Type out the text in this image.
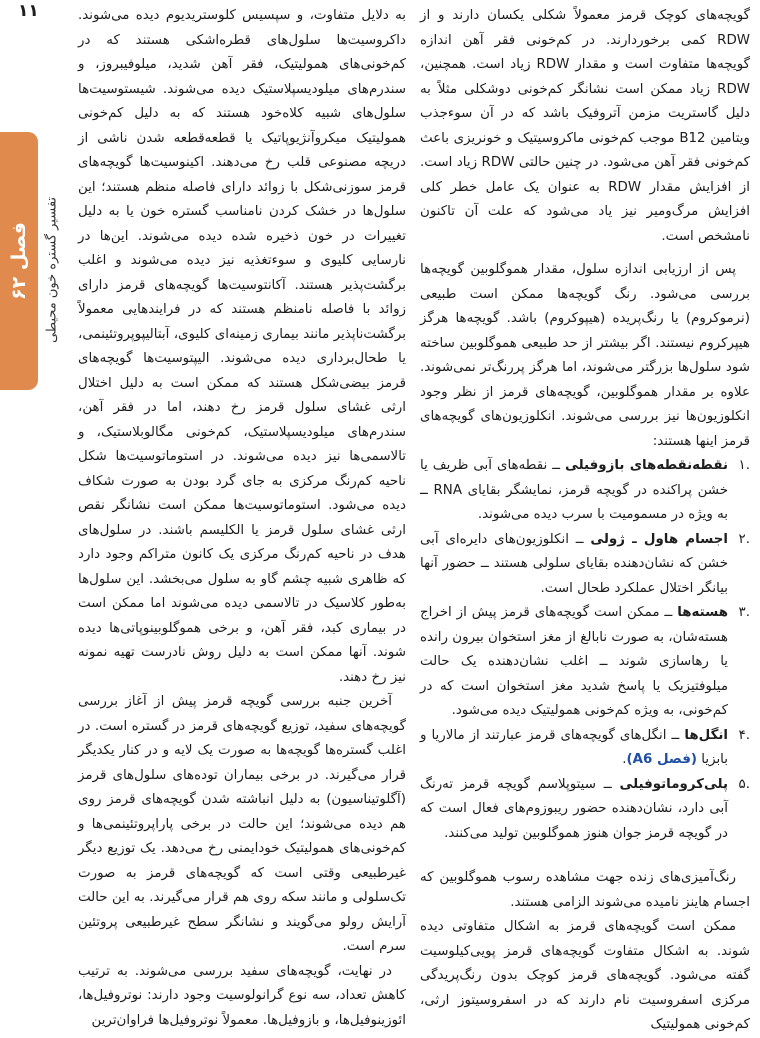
۱۱
فصل ۶۲ تفسیر گستره خون محیطی

گویچه‌های کوچک قرمز معمولاً شکلی یکسان دارند و از RDW کمی برخوردارند. در کم‌خونی فقر آهن اندازه گویچه‌ها متفاوت است و مقدار RDW زیاد است. همچنین، RDW زیاد ممکن است نشانگر کم‌خونی دوشکلی مثلاً به دلیل گاستریت مزمن آتروفیک باشد که در آن سوءجذب ویتامین B12 موجب کم‌خونی ماکروسیتیک و خونریزی باعث کم‌خونی فقر آهن می‌شود. در چنین حالتی RDW زیاد است. از افزایش مقدار RDW به عنوان یک عامل خطر کلی افزایش مرگ‌ومیر نیز یاد می‌شود که علت آن تاکنون نامشخص است.

پس از ارزیابی اندازه سلول، مقدار هموگلوبین گویچه‌ها بررسی می‌شود. رنگ گویچه‌ها ممکن است طبیعی (نرموکروم) یا رنگ‌پریده (هیپوکروم) باشد. گویچه‌ها هرگز هیپرکروم نیستند. اگر بیشتر از حد طبیعی هموگلوبین ساخته شود سلول‌ها بزرگتر می‌شوند، اما هرگز پررنگ‌تر نمی‌شوند. علاوه بر مقدار هموگلوبین، گویچه‌های قرمز از نظر وجود انکلوزیون‌ها نیز بررسی می‌شوند. انکلوزیون‌های گویچه‌های قرمز اینها هستند:

.۱
نقطه‌نقطه‌های بازوفیلی ــ نقطه‌های آبی ظریف یا خشن پراکنده در گویچه قرمز، نمایشگر بقایای RNA ــ به ویژه در مسمومیت با سرب دیده می‌شوند.
.۲
اجسام هاول ـ ژولی ــ انکلوزیون‌های دایره‌ای آبی خشن که نشان‌دهنده بقایای سلولی هستند ــ حضور آنها بیانگر اختلال عملکرد طحال است.
.۳
هسته‌ها ــ ممکن است گویچه‌های قرمز پیش از اخراج هسته‌شان، به صورت نابالغ از مغز استخوان بیرون رانده یا رهاسازی شوند ــ اغلب نشان‌دهنده یک حالت میلوفتیزیک یا پاسخ شدید مغز استخوان است که در کم‌خونی، به ویژه کم‌خونی همولیتیک دیده می‌شود.
.۴
انگل‌ها ــ انگل‌های گویچه‌های قرمز عبارتند از مالاریا و بابزیا (فصل A6).
.۵
پلی‌کروماتوفیلی ــ سیتوپلاسم گویچه قرمز تەرنگ آبی دارد، نشان‌دهنده حضور ریبوزوم‌های فعال است که در گویچه قرمز جوان هنوز هموگلوبین تولید می‌کنند.

رنگ‌آمیزی‌های زنده جهت مشاهده رسوب هموگلوبین که اجسام هاینز نامیده می‌شوند الزامی هستند.

ممکن است گویچه‌های قرمز به اشکال متفاوتی دیده شوند. به اشکال متفاوت گویچه‌های قرمز پویی‌کیلوسیت گفته می‌شود. گویچه‌های قرمز کوچک بدون رنگ‌پریدگی مرکزی اسفروسیت نام دارند که در اسفروسیتوز ارثی، کم‌خونی همولیتیک

به دلایل متفاوت، و سپسیس کلوستریدیوم دیده می‌شوند. داکروسیت‌ها سلول‌های قطره‌اشکی هستند که در کم‌خونی‌های همولیتیک، فقر آهن شدید، میلوفیبروز، و سندرم‌های میلودیسپلاستیک دیده می‌شوند. شیستوسیت‌ها سلول‌های شبیه کلاه‌خود هستند که به دلیل کم‌خونی همولیتیک میکروآنژیوپاتیک یا قطعه‌قطعه شدن ناشی از دریچه مصنوعی قلب رخ می‌دهند. اکینوسیت‌ها گویچه‌های قرمز سوزنی‌شکل با زوائد دارای فاصله منظم هستند؛ این سلول‌ها در خشک کردن نامناسب گستره خون یا به دلیل تغییرات در خون ذخیره شده دیده می‌شوند. این‌ها در نارسایی کلیوی و سوءتغذیه نیز دیده می‌شوند و اغلب برگشت‌پذیر هستند. آکانتوسیت‌ها گویچه‌های قرمز دارای زوائد با فاصله نامنظم هستند که در فرایندهایی معمولاً برگشت‌ناپذیر مانند بیماری زمینه‌ای کلیوی، آبتالیپوپروتئینمی، یا طحال‌برداری دیده می‌شوند. الیپتوسیت‌ها گویچه‌های قرمز بیضی‌شکل هستند که ممکن است به دلیل اختلال ارثی غشای سلول قرمز رخ دهند، اما در فقر آهن، سندرم‌های میلودیسپلاستیک، کم‌خونی مگالوبلاستیک، و تالاسمی‌ها نیز دیده می‌شوند. در استوماتوسیت‌ها شکل ناحیه کم‌رنگ مرکزی به جای گرد بودن به صورت شکاف دیده می‌شود. استوماتوسیت‌ها ممکن است نشانگر نقص ارثی غشای سلول قرمز یا الکلیسم باشند. در سلول‌های هدف در ناحیه کم‌رنگ مرکزی یک کانون متراکم وجود دارد که ظاهری شبیه چشم گاو به سلول می‌بخشد. این سلول‌ها به‌طور کلاسیک در تالاسمی دیده می‌شوند اما ممکن است در بیماری کبد، فقر آهن، و برخی هموگلوبینوپاتی‌ها دیده شوند. آنها ممکن است به دلیل روش نادرست تهیه نمونه نیز رخ دهند.

آخرین جنبه بررسی گویچه قرمز پیش از آغاز بررسی گویچه‌های سفید، توزیع گویچه‌های قرمز در گستره است. در اغلب گستره‌ها گویچه‌ها به صورت یک لایه و در کنار یکدیگر قرار می‌گیرند. در برخی بیماران توده‌های سلول‌های قرمز (آگلوتیناسیون) به دلیل انباشته شدن گویچه‌های قرمز روی هم دیده می‌شوند؛ این حالت در برخی پاراپروتئینمی‌ها و کم‌خونی‌های همولیتیک خودایمنی رخ می‌دهد. یک توزیع دیگر غیرطبیعی وقتی است که گویچه‌های قرمز به صورت تک‌سلولی و مانند سکه روی هم قرار می‌گیرند. به این حالت آرایش رولو می‌گویند و نشانگر سطح غیرطبیعی پروتئین سرم است.

در نهایت، گویچه‌های سفید بررسی می‌شوند. به ترتیب کاهش تعداد، سه نوع گرانولوسیت وجود دارند: نوتروفیل‌ها، ائوزینوفیل‌ها، و بازوفیل‌ها. معمولاً نوتروفیل‌ها فراوان‌ترین
